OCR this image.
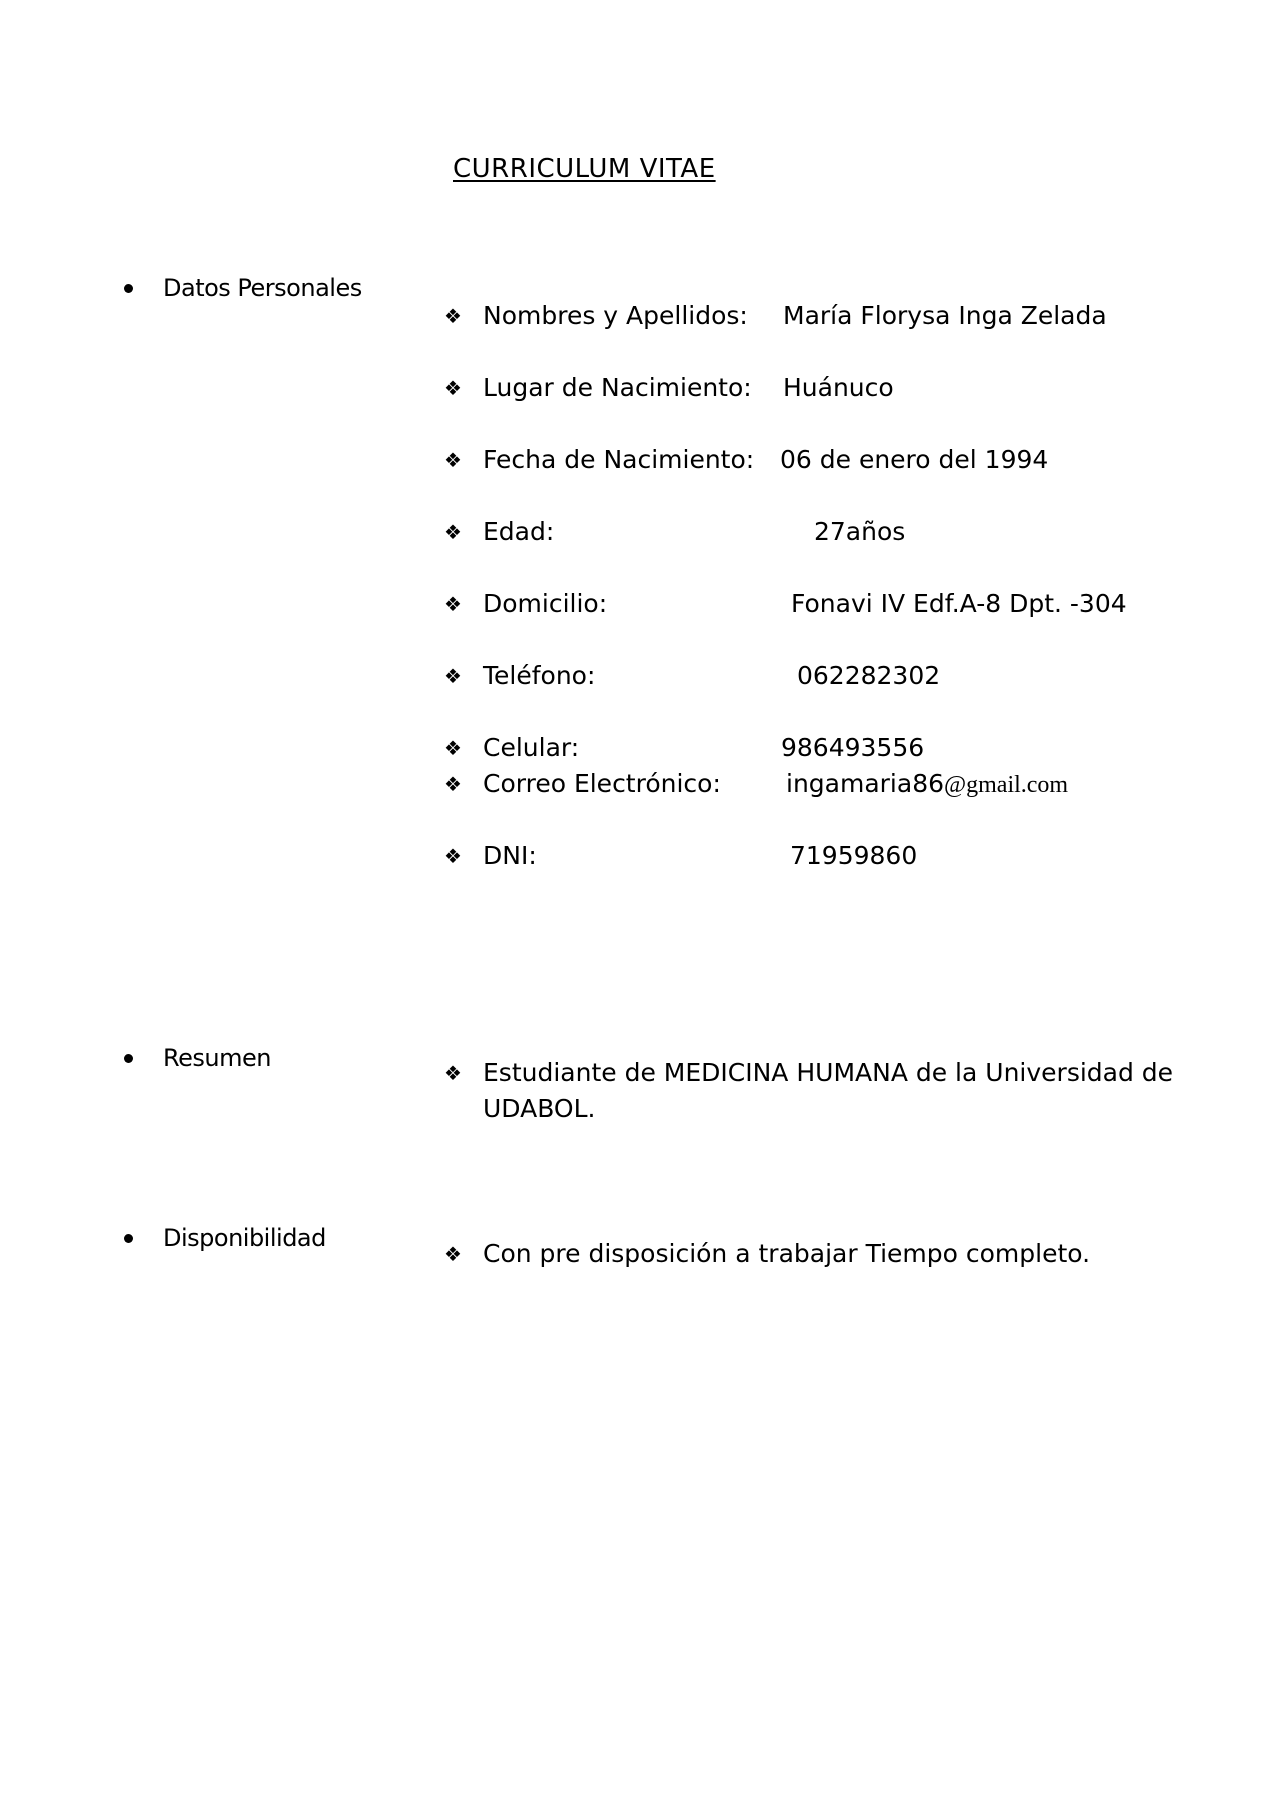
CURRICULUM VITAE
Datos Personales
❖ Nombres y Apellidos: María Florysa Inga Zelada
❖ Lugar de Nacimiento: Huánuco
❖ Fecha de Nacimiento: 06 de enero del 1994
❖ Edad:	27años
❖ Domicilio:	Fonavi IV Edf.A-8 Dpt. -304
❖ Teléfono:	062282302
❖ Celular:	986493556
❖ Correo Electrónico:	ingamaria86@gmail.com
❖ DNI:	71959860
Resumen
❖ Estudiante de MEDICINA HUMANA de la Universidad de UDABOL.
Disponibilidad
❖ Con pre disposición a trabajar Tiempo completo.
